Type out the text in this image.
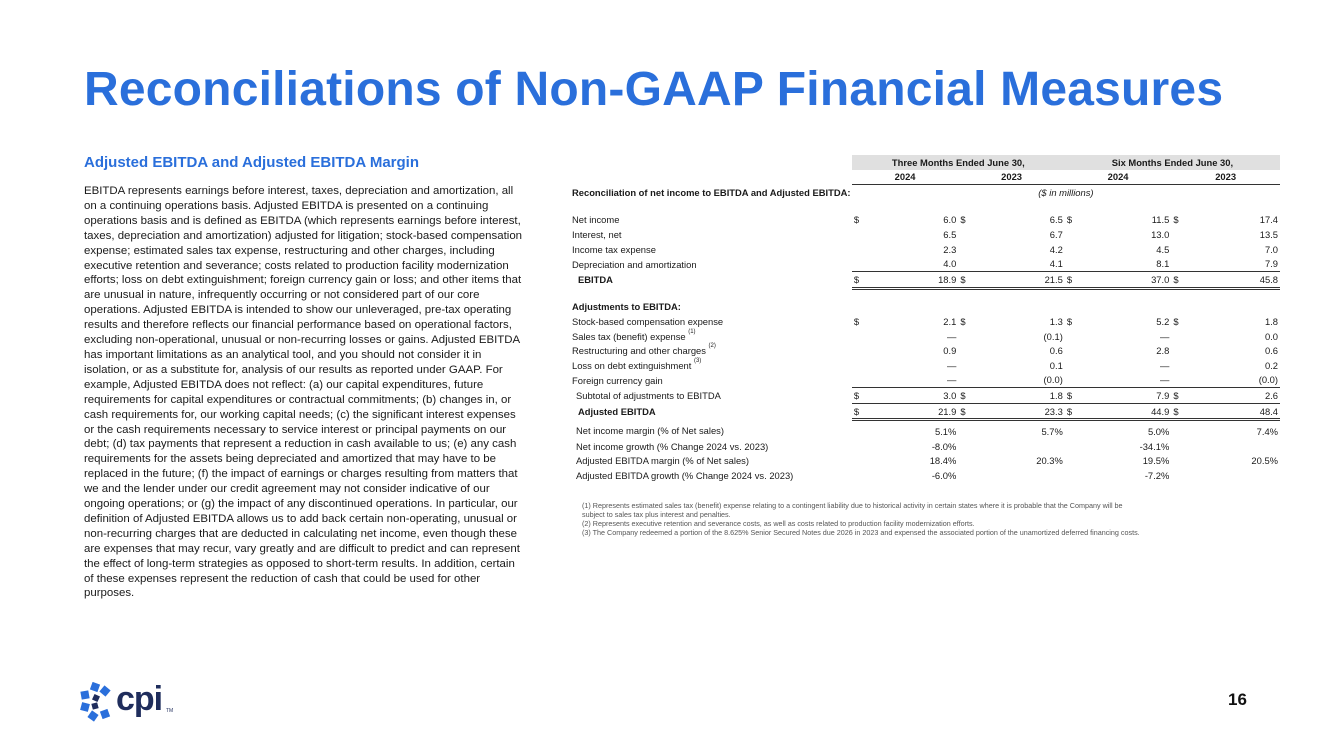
Reconciliations of Non-GAAP Financial Measures
Adjusted EBITDA and Adjusted EBITDA Margin

EBITDA represents earnings before interest, taxes, depreciation and amortization, all on a continuing operations basis. Adjusted EBITDA is presented on a continuing operations basis and is defined as EBITDA (which represents earnings before interest, taxes, depreciation and amortization) adjusted for litigation; stock-based compensation expense; estimated sales tax expense, restructuring and other charges, including executive retention and severance; costs related to production facility modernization efforts; loss on debt extinguishment; foreign currency gain or loss; and other items that are unusual in nature, infrequently occurring or not considered part of our core operations. Adjusted EBITDA is intended to show our unleveraged, pre-tax operating results and therefore reflects our financial performance based on operational factors, excluding non-operational, unusual or non-recurring losses or gains. Adjusted EBITDA has important limitations as an analytical tool, and you should not consider it in isolation, or as a substitute for, analysis of our results as reported under GAAP. For example, Adjusted EBITDA does not reflect: (a) our capital expenditures, future requirements for capital expenditures or contractual commitments; (b) changes in, or cash requirements for, our working capital needs; (c) the significant interest expenses or the cash requirements necessary to service interest or principal payments on our debt; (d) tax payments that represent a reduction in cash available to us; (e) any cash requirements for the assets being depreciated and amortized that may have to be replaced in the future; (f) the impact of earnings or charges resulting from matters that we and the lender under our credit agreement may not consider indicative of our ongoing operations; or (g) the impact of any discontinued operations. In particular, our definition of Adjusted EBITDA allows us to add back certain non-operating, unusual or non-recurring charges that are deducted in calculating net income, even though these are expenses that may recur, vary greatly and are difficult to predict and can represent the effect of long-term strategies as opposed to short-term results. In addition, certain of these expenses represent the reduction of cash that could be used for other purposes.

	Three Months Ended June 30,				Six Months Ended June 30,			
	2024		2023		2024		2023	
Reconciliation of net income to EBITDA and Adjusted EBITDA:	($ in millions)							
Net income	$	6.0	$	6.5	$	11.5	$	17.4
Interest, net		6.5		6.7		13.0		13.5
Income tax expense		2.3		4.2		4.5		7.0
Depreciation and amortization		4.0		4.1		8.1		7.9
EBITDA	$	18.9	$	21.5	$	37.0	$	45.8

Adjustments to EBITDA:								
Stock-based compensation expense	$	2.1	$	1.3	$	5.2	$	1.8
Sales tax (benefit) expense $^{(1)}$		—		(0.1)		—		0.0
Restructuring and other charges $^{(2)}$		0.9		0.6		2.8		0.6
Loss on debt extinguishment $^{(3)}$		—		0.1		—		0.2
Foreign currency gain		—		(0.0)		—		(0.0)
Subtotal of adjustments to EBITDA	$	3.0	$	1.8	$	7.9	$	2.6
Adjusted EBITDA	$	21.9	$	23.3	$	44.9	$	48.4
Net income margin (% of Net sales)		5.1%		5.7%		5.0%		7.4%
Net income growth (% Change 2024 vs. 2023)		-8.0%				-34.1%		
Adjusted EBITDA margin (% of Net sales)		18.4%		20.3%		19.5%		20.5%
Adjusted EBITDA growth (% Change 2024 vs. 2023)		-6.0%				-7.2%		
(1) Represents estimated sales tax (benefit) expense relating to a contingent liability due to historical activity in certain states where it is probable that the Company will be subject to sales tax plus interest and penalties.
(2) Represents executive retention and severance costs, as well as costs related to production facility modernization efforts.
(3) The Company redeemed a portion of the 8.625% Senior Secured Notes due 2026 in 2023 and expensed the associated portion of the unamortized deferred financing costs.
cpi TM
16
